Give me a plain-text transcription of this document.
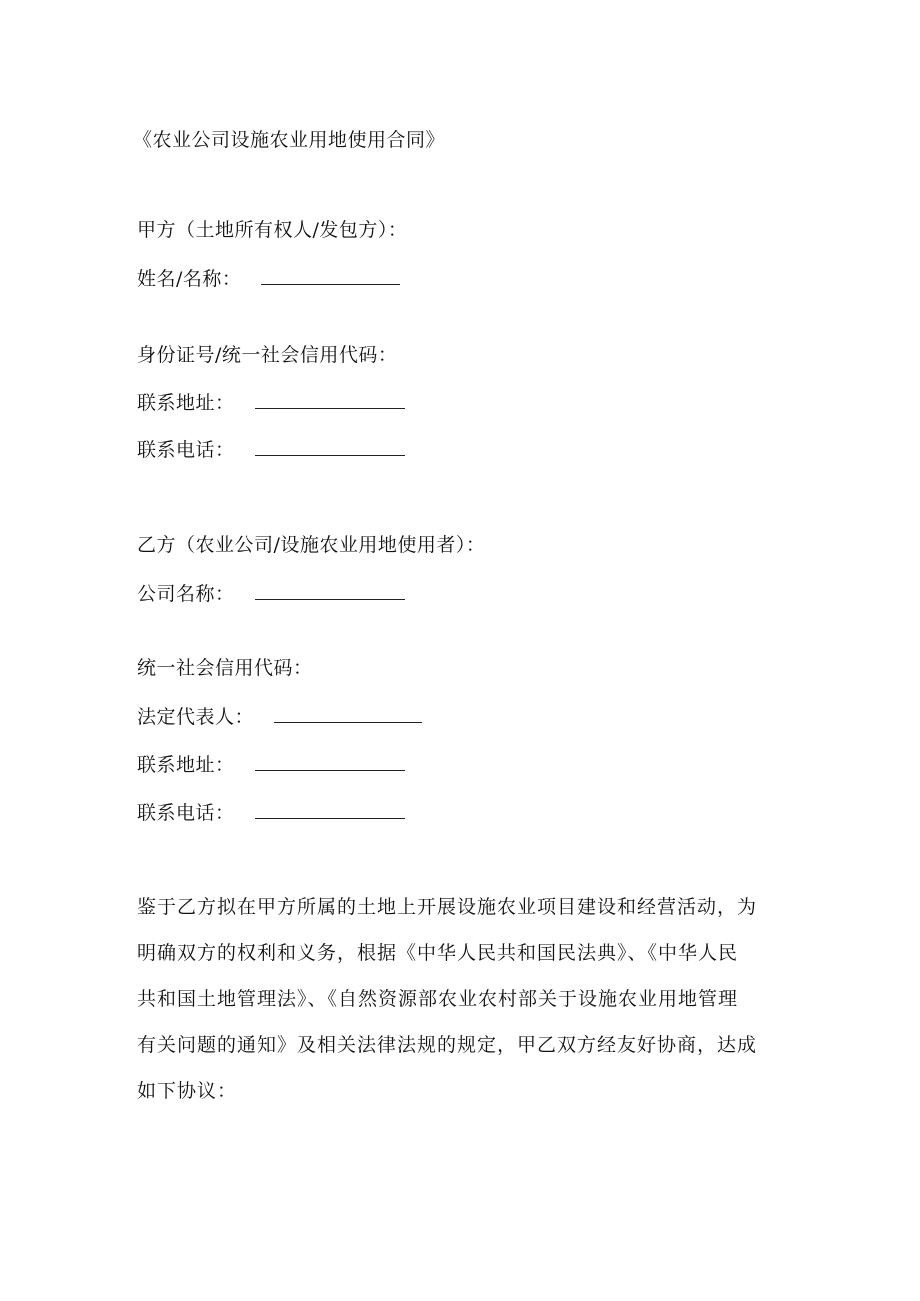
《农业公司设施农业用地使用合同》
甲方（土地所有权人/发包方）：
姓名/名称：
身份证号/统一社会信用代码：
联系地址：
联系电话：
乙方（农业公司/设施农业用地使用者）：
公司名称：
统一社会信用代码：
法定代表人：
联系地址：
联系电话：
鉴于乙方拟在甲方所属的土地上开展设施农业项目建设和经营活动，为
明确双方的权利和义务，根据《中华人民共和国民法典》、《中华人民
共和国土地管理法》、《自然资源部农业农村部关于设施农业用地管理
有关问题的通知》及相关法律法规的规定，甲乙双方经友好协商，达成
如下协议：
